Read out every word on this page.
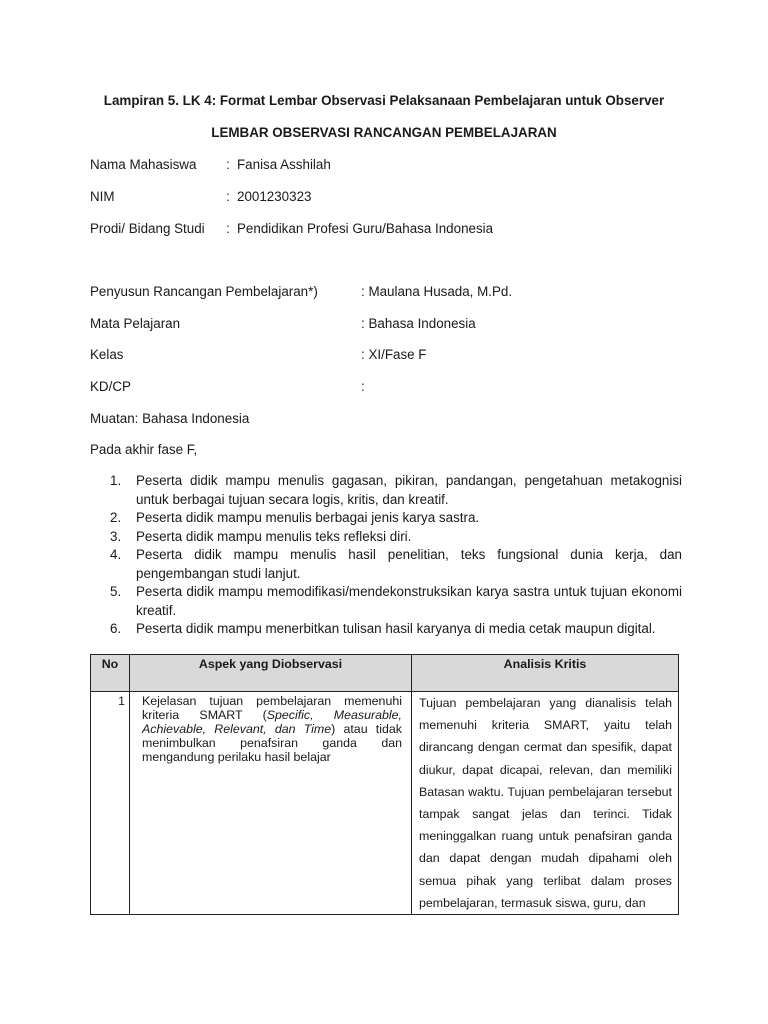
Lampiran 5. LK 4: Format Lembar Observasi Pelaksanaan Pembelajaran untuk Observer
LEMBAR OBSERVASI RANCANGAN PEMBELAJARAN
Nama Mahasiswa : Fanisa Asshilah
NIM	: 2001230323
Prodi/ Bidang Studi : Pendidikan Profesi Guru/Bahasa Indonesia
Penyusun Rancangan Pembelajaran*)	: Maulana Husada, M.Pd.
Mata Pelajaran	: Bahasa Indonesia
Kelas	: XI/Fase F
KD/CP	:
Muatan: Bahasa Indonesia
Pada akhir fase F,
1.	Peserta didik mampu menulis gagasan, pikiran, pandangan, pengetahuan metakognisi untuk berbagai tujuan secara logis, kritis, dan kreatif.
2.	Peserta didik mampu menulis berbagai jenis karya sastra.
3.	Peserta didik mampu menulis teks refleksi diri.
4.	Peserta didik mampu menulis hasil penelitian, teks fungsional dunia kerja, dan pengembangan studi lanjut.
5.	Peserta didik mampu memodifikasi/mendekonstruksikan karya sastra untuk tujuan ekonomi kreatif.
6.	Peserta didik mampu menerbitkan tulisan hasil karyanya di media cetak maupun digital.
No	Aspek yang Diobservasi	Analisis Kritis
1	Kejelasan tujuan pembelajaran memenuhi kriteria SMART (Specific, Measurable, Achievable, Relevant, dan Time) atau tidak menimbulkan penafsiran ganda dan mengandung perilaku hasil belajar	Tujuan pembelajaran yang dianalisis telah memenuhi kriteria SMART, yaitu telah dirancang dengan cermat dan spesifik, dapat diukur, dapat dicapai, relevan, dan memiliki Batasan waktu. Tujuan pembelajaran tersebut tampak sangat jelas dan terinci. Tidak meninggalkan ruang untuk penafsiran ganda dan dapat dengan mudah dipahami oleh semua pihak yang terlibat dalam proses pembelajaran, termasuk siswa, guru, dan
